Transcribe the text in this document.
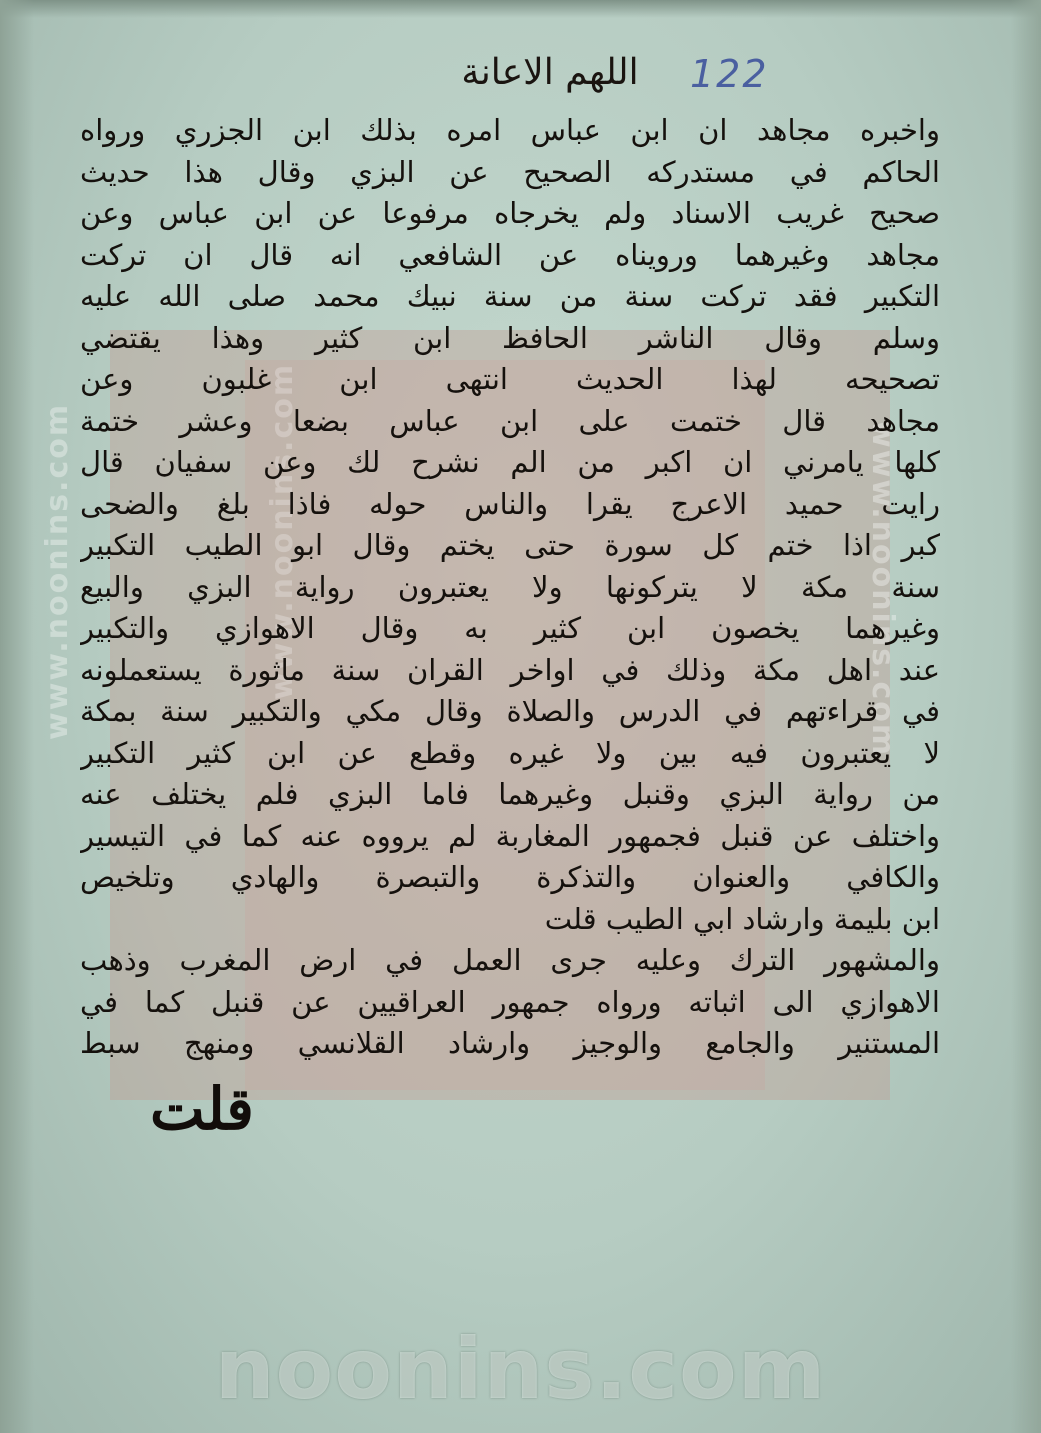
www.noonins.com	www.noonins.com	www.noonins.com
122
اللهم الاعانة
واخبره مجاهد ان ابن عباس امره بذلك ابن الجزري ورواه
الحاكم في مستدركه الصحيح عن البزي وقال هذا حديث
صحيح غريب الاسناد ولم يخرجاه مرفوعا عن ابن عباس وعن
مجاهد وغيرهما ورويناه عن الشافعي انه قال ان تركت
التكبير فقد تركت سنة من سنة نبيك محمد صلى الله عليه
وسلم وقال الناشر الحافظ ابن كثير وهذا يقتضي
تصحيحه لهذا الحديث انتهى ابن غلبون وعن
مجاهد قال ختمت على ابن عباس بضعا وعشر ختمة
كلها يامرني ان اكبر من الم نشرح لك وعن سفيان قال
رايت حميد الاعرج يقرا والناس حوله فاذا بلغ والضحى
كبر اذا ختم كل سورة حتى يختم وقال ابو الطيب التكبير
سنة مكة لا يتركونها ولا يعتبرون رواية البزي والبيع
وغيرهما يخصون ابن كثير به وقال الاهوازي والتكبير
عند اهل مكة وذلك في اواخر القران سنة ماثورة يستعملونه
في قراءتهم في الدرس والصلاة وقال مكي والتكبير سنة بمكة
لا يعتبرون فيه بين ولا غيره وقطع عن ابن كثير التكبير
من رواية البزي وقنبل وغيرهما فاما البزي فلم يختلف عنه
واختلف عن قنبل فجمهور المغاربة لم يرووه عنه كما في التيسير
والكافي والعنوان والتذكرة والتبصرة والهادي وتلخيص
ابن بليمة وارشاد ابي الطيب قلت
والمشهور الترك وعليه جرى العمل في ارض المغرب وذهب
الاهوازي الى اثباته ورواه جمهور العراقيين عن قنبل كما في
المستنير والجامع والوجيز وارشاد القلانسي ومنهج سبط
قلت
noonins.com
